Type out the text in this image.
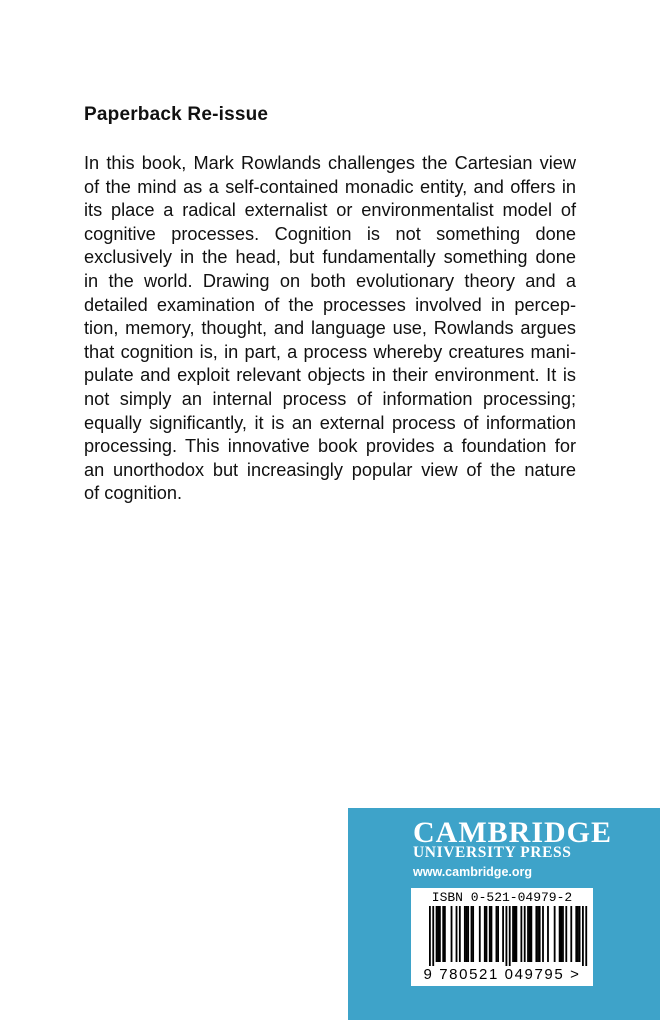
Paperback Re-issue
In this book, Mark Rowlands challenges the Cartesian view
of the mind as a self-contained monadic entity, and offers in
its place a radical externalist or environmentalist model of
cognitive processes. Cognition is not something done
exclusively in the head, but fundamentally something done
in the world. Drawing on both evolutionary theory and a
detailed examination of the processes involved in percep-
tion, memory, thought, and language use, Rowlands argues
that cognition is, in part, a process whereby creatures mani-
pulate and exploit relevant objects in their environment. It is
not simply an internal process of information processing;
equally significantly, it is an external process of information
processing. This innovative book provides a foundation for
an unorthodox but increasingly popular view of the nature
of cognition.
CAMBRIDGE
UNIVERSITY PRESS
www.cambridge.org
ISBN 0-521-04979-2
9 780521 049795 >
